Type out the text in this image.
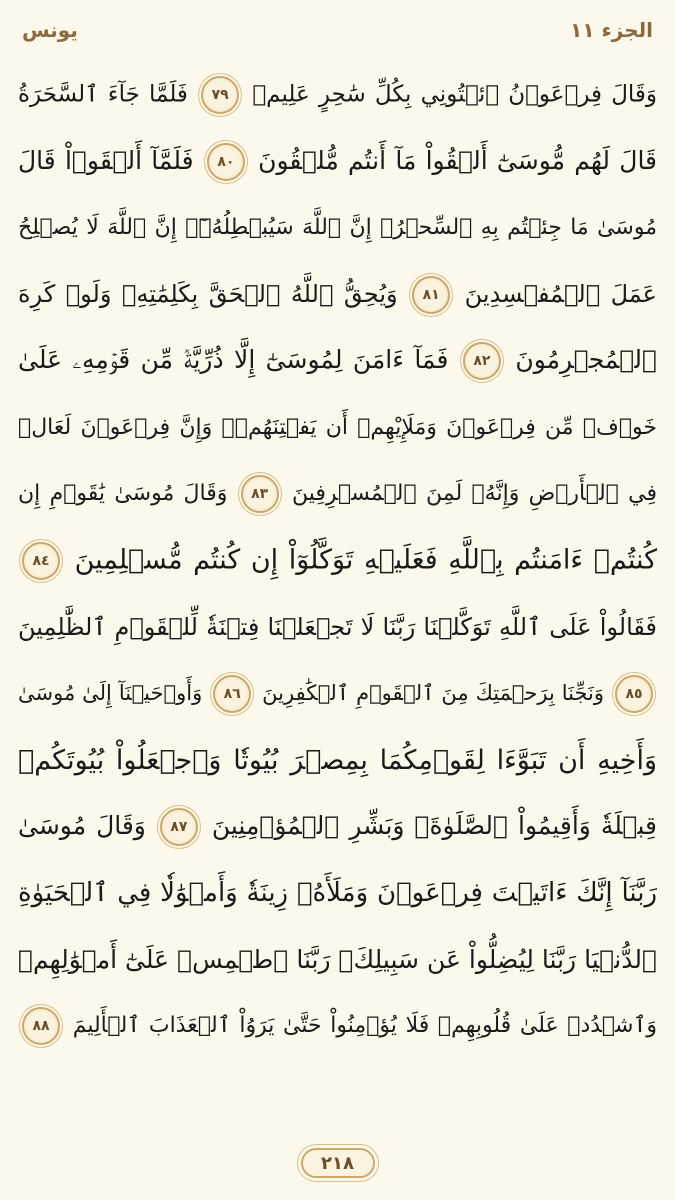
الجزء ١١
يونس
وَقَالَ فِرۡعَوۡنُ ٱئۡتُونِي بِكُلِّ سَٰحِرٍ عَلِيمٖ ٧٩ فَلَمَّا جَآءَ ٱلسَّحَرَةُ
قَالَ لَهُم مُّوسَىٰٓ أَلۡقُواْ مَآ أَنتُم مُّلۡقُونَ ٨٠ فَلَمَّآ أَلۡقَوۡاْ قَالَ
مُوسَىٰ مَا جِئۡتُم بِهِ ٱلسِّحۡرُۖ إِنَّ ٱللَّهَ سَيُبۡطِلُهُۥٓۖ إِنَّ ٱللَّهَ لَا يُصۡلِحُ
عَمَلَ ٱلۡمُفۡسِدِينَ ٨١ وَيُحِقُّ ٱللَّهُ ٱلۡحَقَّ بِكَلِمَٰتِهِۦ وَلَوۡ كَرِهَ
ٱلۡمُجۡرِمُونَ ٨٢ فَمَآ ءَامَنَ لِمُوسَىٰٓ إِلَّا ذُرِّيَّةٞ مِّن قَوۡمِهِۦ عَلَىٰ
خَوۡفٖ مِّن فِرۡعَوۡنَ وَمَلَإِيْهِمۡ أَن يَفۡتِنَهُمۡۚ وَإِنَّ فِرۡعَوۡنَ لَعَالٖ
فِي ٱلۡأَرۡضِ وَإِنَّهُۥ لَمِنَ ٱلۡمُسۡرِفِينَ ٨٣ وَقَالَ مُوسَىٰ يَٰقَوۡمِ إِن
كُنتُمۡ ءَامَنتُم بِٱللَّهِ فَعَلَيۡهِ تَوَكَّلُوٓاْ إِن كُنتُم مُّسۡلِمِينَ ٨٤
فَقَالُواْ عَلَى ٱللَّهِ تَوَكَّلۡنَا رَبَّنَا لَا تَجۡعَلۡنَا فِتۡنَةٗ لِّلۡقَوۡمِ ٱلظَّٰلِمِينَ
٨٥ وَنَجِّنَا بِرَحۡمَتِكَ مِنَ ٱلۡقَوۡمِ ٱلۡكَٰفِرِينَ ٨٦ وَأَوۡحَيۡنَآ إِلَىٰ مُوسَىٰ
وَأَخِيهِ أَن تَبَوَّءَا لِقَوۡمِكُمَا بِمِصۡرَ بُيُوتٗا وَٱجۡعَلُواْ بُيُوتَكُمۡ
قِبۡلَةٗ وَأَقِيمُواْ ٱلصَّلَوٰةَۗ وَبَشِّرِ ٱلۡمُؤۡمِنِينَ ٨٧ وَقَالَ مُوسَىٰ
رَبَّنَآ إِنَّكَ ءَاتَيۡتَ فِرۡعَوۡنَ وَمَلَأَهُۥ زِينَةٗ وَأَمۡوَٰلٗا فِي ٱلۡحَيَوٰةِ
ٱلدُّنۡيَا رَبَّنَا لِيُضِلُّواْ عَن سَبِيلِكَۖ رَبَّنَا ٱطۡمِسۡ عَلَىٰٓ أَمۡوَٰلِهِمۡ
وَٱشۡدُدۡ عَلَىٰ قُلُوبِهِمۡ فَلَا يُؤۡمِنُواْ حَتَّىٰ يَرَوُاْ ٱلۡعَذَابَ ٱلۡأَلِيمَ ٨٨
٢١٨
